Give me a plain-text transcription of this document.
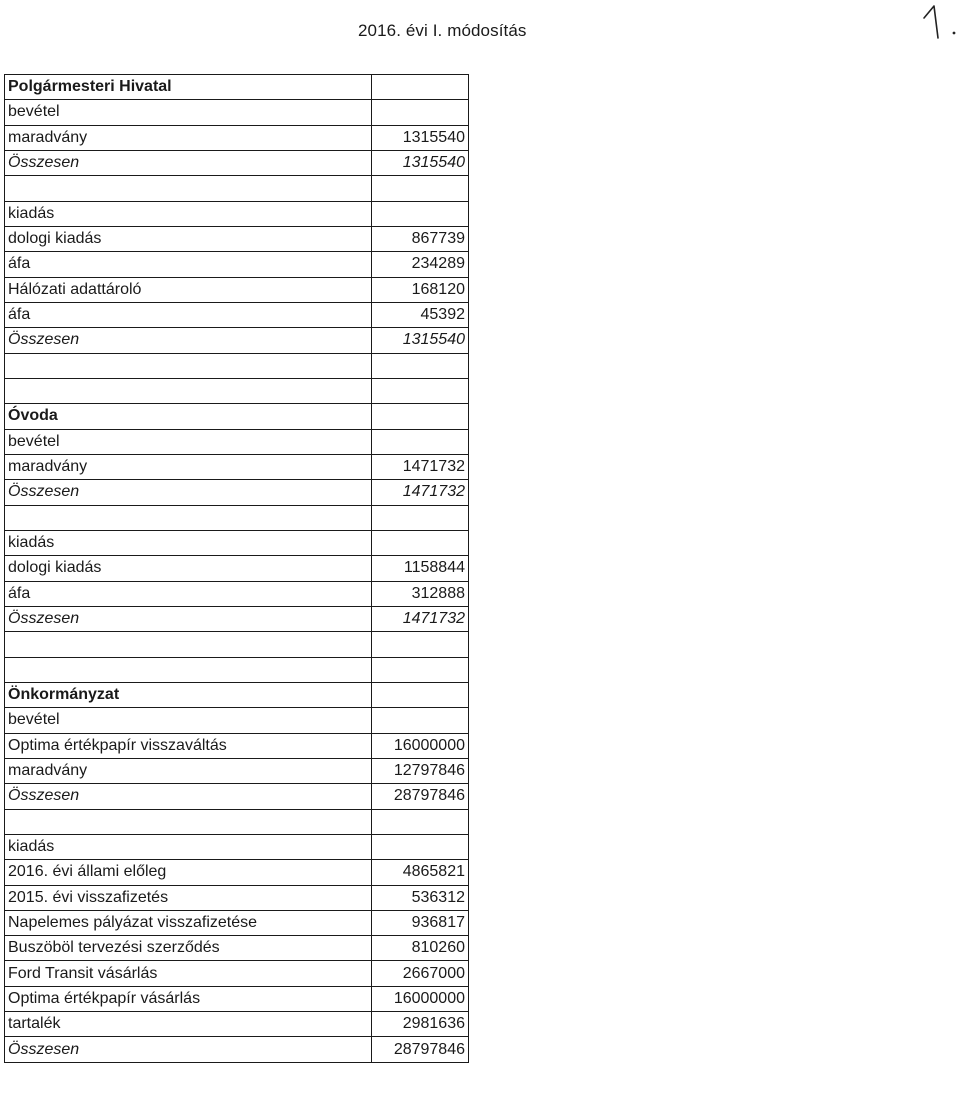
2016. évi I. módosítás
Polgármesteri Hivatal	
bevétel	
maradvány	1315540
Összesen	1315540

kiadás	
dologi kiadás	867739
áfa	234289
Hálózati adattároló	168120
áfa	45392
Összesen	1315540

Óvoda	
bevétel	
maradvány	1471732
Összesen	1471732

kiadás	
dologi kiadás	1158844
áfa	312888
Összesen	1471732

Önkormányzat	
bevétel	
Optima értékpapír visszaváltás	16000000
maradvány	12797846
Összesen	28797846

kiadás	
2016. évi állami előleg	4865821
2015. évi visszafizetés	536312
Napelemes pályázat visszafizetése	936817
Buszöböl tervezési szerződés	810260
Ford Transit vásárlás	2667000
Optima értékpapír vásárlás	16000000
tartalék	2981636
Összesen	28797846
